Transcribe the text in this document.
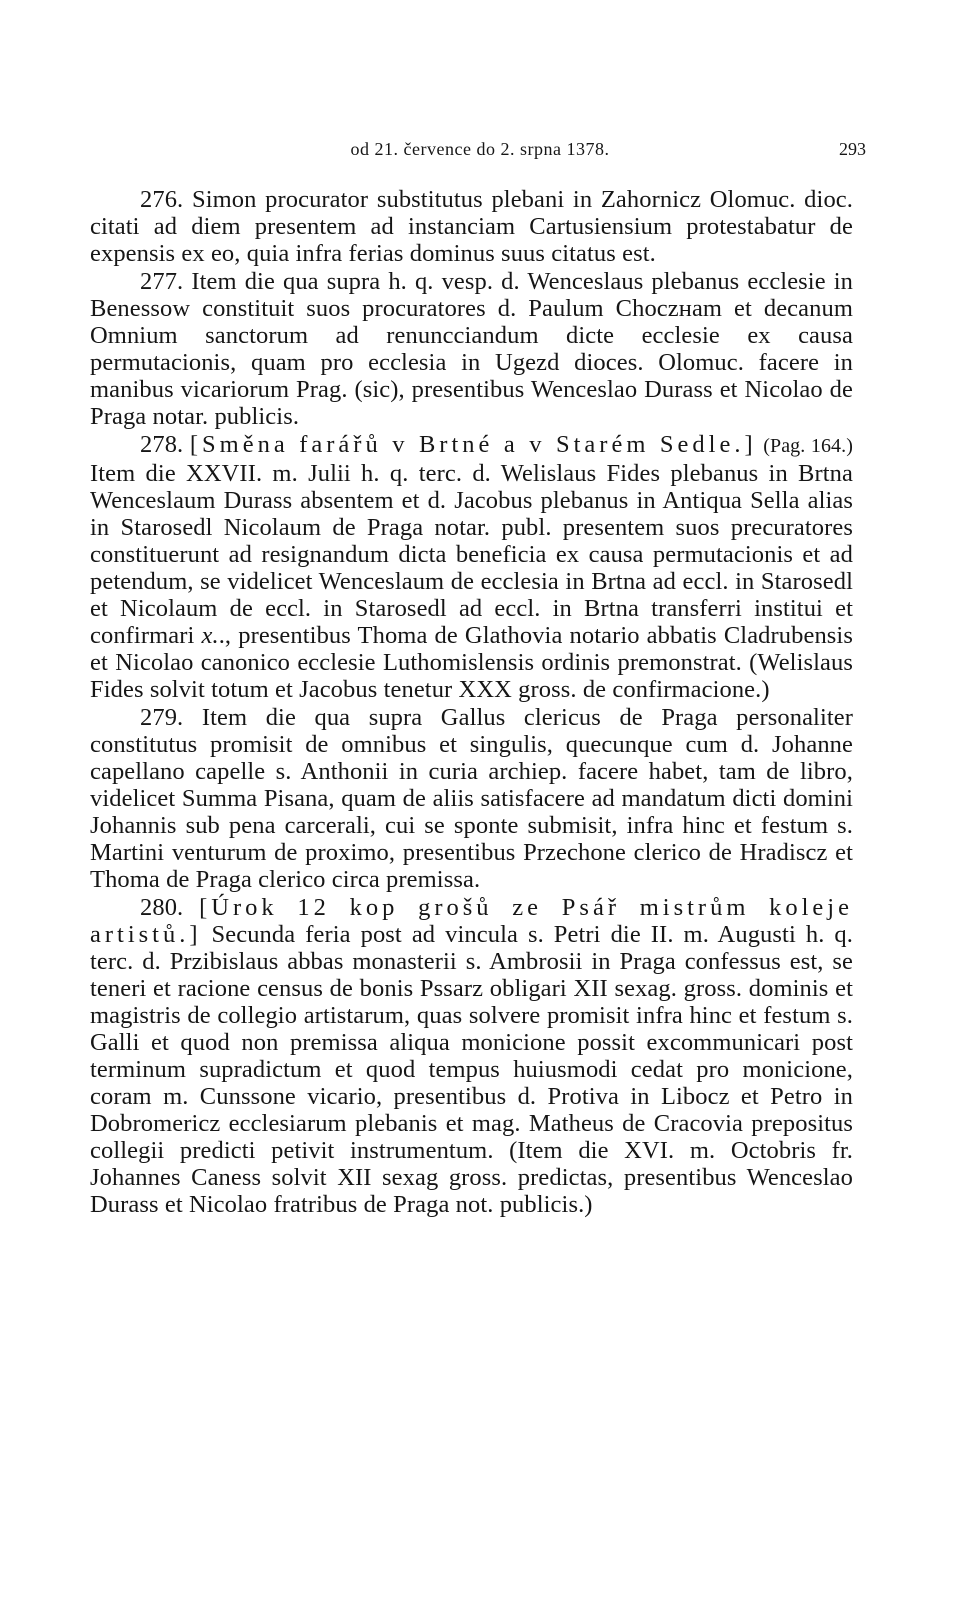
od 21. července do 2. srpna 1378.	293

276. Simon procurator substitutus plebani in Zahornicz Olomuc. dioc. citati ad diem presentem ad instanciam Cartusiensium protestabatur de expensis ex eo, quia infra ferias dominus suus citatus est.

277. Item die qua supra h. q. vesp. d. Wenceslaus plebanus ecclesie in Benessow constituit suos procuratores d. Paulum Choczнam et decanum Omnium sanctorum ad renuncciandum dicte ecclesie ex causa permutacionis, quam pro ecclesia in Ugezd dioces. Olomuc. facere in manibus vicariorum Prag. (sic), presentibus Wenceslao Durass et Nicolao de Praga notar. publicis.

278. [Směna farářů v Brtné a v Starém Sedle.] (Pag. 164.) Item die XXVII. m. Julii h. q. terc. d. Welislaus Fides plebanus in Brtna Wenceslaum Durass absentem et d. Jacobus plebanus in Antiqua Sella alias in Starosedl Nicolaum de Praga notar. publ. presentem suos precuratores constituerunt ad resignandum dicta beneficia ex causa permutacionis et ad petendum, se videlicet Wenceslaum de ecclesia in Brtna ad eccl. in Starosedl et Nicolaum de eccl. in Starosedl ad eccl. in Brtna transferri institui et confirmari x.., presentibus Thoma de Glathovia notario abbatis Cladrubensis et Nicolao canonico ecclesie Luthomislensis ordinis premonstrat. (Welislaus Fides solvit totum et Jacobus tenetur XXX gross. de confirmacione.)

279. Item die qua supra Gallus clericus de Praga personaliter constitutus promisit de omnibus et singulis, quecunque cum d. Johanne capellano capelle s. Anthonii in curia archiep. facere habet, tam de libro, videlicet Summa Pisana, quam de aliis satisfacere ad mandatum dicti domini Johannis sub pena carcerali, cui se sponte submisit, infra hinc et festum s. Martini venturum de proximo, presentibus Przechone clerico de Hradiscz et Thoma de Praga clerico circa premissa.

280. [Úrok 12 kop grošů ze Psář mistrům koleje artistů.] Secunda feria post ad vincula s. Petri die II. m. Augusti h. q. terc. d. Przibislaus abbas monasterii s. Ambrosii in Praga confessus est, se teneri et racione census de bonis Pssarz obligari XII sexag. gross. dominis et magistris de collegio artistarum, quas solvere promisit infra hinc et festum s. Galli et quod non premissa aliqua monicione possit excommunicari post terminum supradictum et quod tempus huiusmodi cedat pro monicione, coram m. Cunssone vicario, presentibus d. Protiva in Libocz et Petro in Dobromericz ecclesiarum plebanis et mag. Matheus de Cracovia prepositus collegii predicti petivit instrumentum. (Item die XVI. m. Octobris fr. Johannes Caness solvit XII sexag gross. predictas, presentibus Wenceslao Durass et Nicolao fratribus de Praga not. publicis.)
